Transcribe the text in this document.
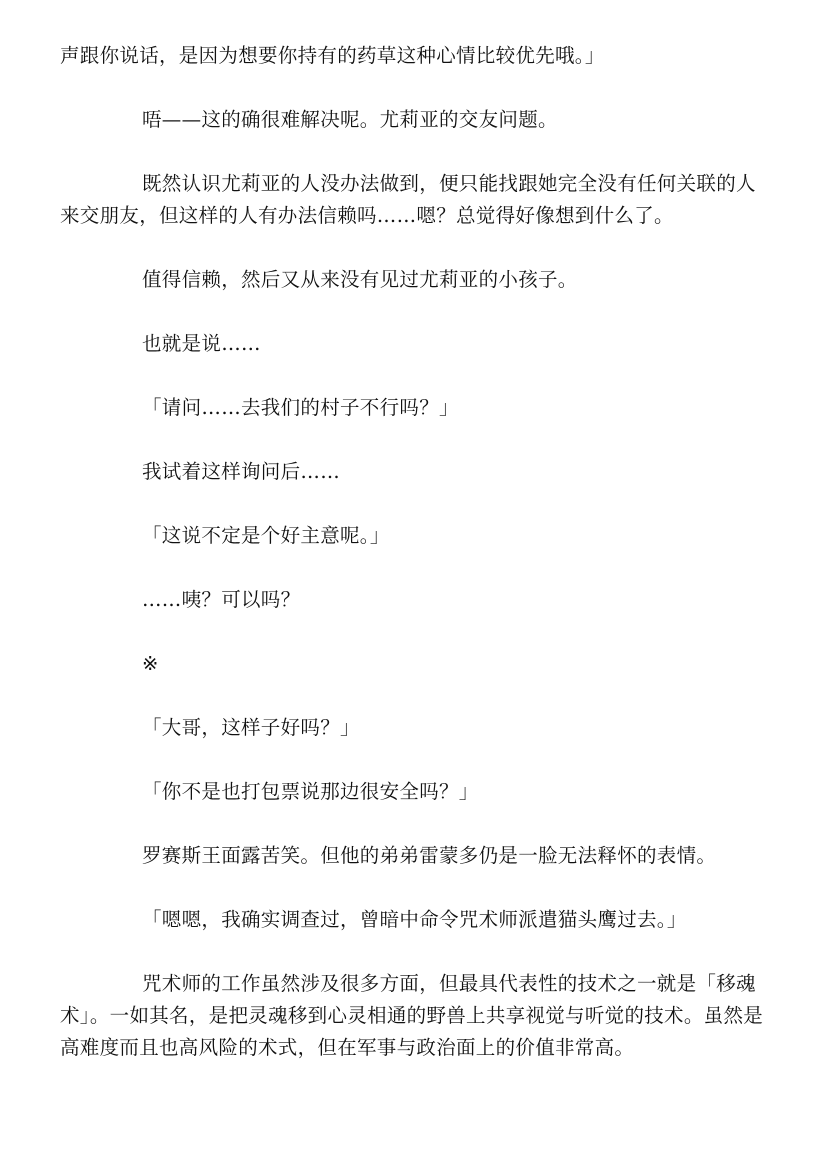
声跟你说话，是因为想要你持有的药草这种心情比较优先哦。」

唔——这的确很难解决呢。尤莉亚的交友问题。

既然认识尤莉亚的人没办法做到，便只能找跟她完全没有任何关联的人来交朋友，但这样的人有办法信赖吗……嗯？总觉得好像想到什么了。

值得信赖，然后又从来没有见过尤莉亚的小孩子。

也就是说……

「请问……去我们的村子不行吗？」

我试着这样询问后……

「这说不定是个好主意呢。」

……咦？可以吗？

※

「大哥，这样子好吗？」

「你不是也打包票说那边很安全吗？」

罗赛斯王面露苦笑。但他的弟弟雷蒙多仍是一脸无法释怀的表情。

「嗯嗯，我确实调查过，曾暗中命令咒术师派遣猫头鹰过去。」

咒术师的工作虽然涉及很多方面，但最具代表性的技术之一就是「移魂术」。一如其名，是把灵魂移到心灵相通的野兽上共享视觉与听觉的技术。虽然是高难度而且也高风险的术式，但在军事与政治面上的价值非常高。
